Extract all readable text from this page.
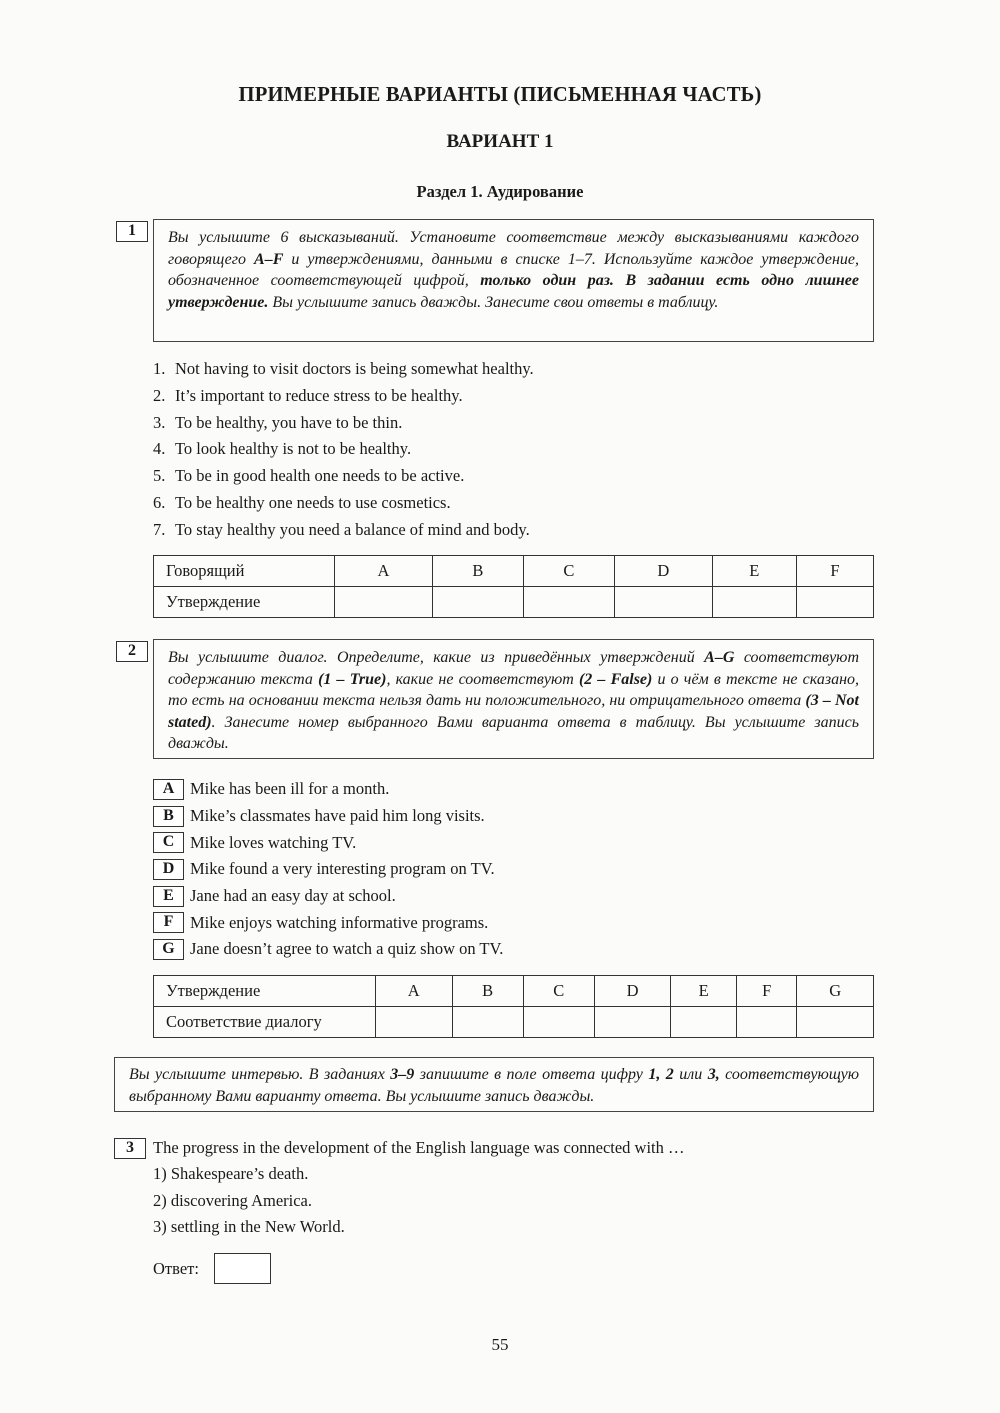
ПРИМЕРНЫЕ ВАРИАНТЫ (ПИСЬМЕННАЯ ЧАСТЬ)
ВАРИАНТ 1
Раздел 1. Аудирование
1	Вы услышите 6 высказываний. Установите соответствие между высказываниями каждого говорящего A–F и утверждениями, данными в списке 1–7. Используйте каждое утверждение, обозначенное соответствующей цифрой, только один раз. В задании есть одно лишнее утверждение. Вы услышите запись дважды. Занесите свои ответы в таблицу.
1. Not having to visit doctors is being somewhat healthy.
2. It’s important to reduce stress to be healthy.
3. To be healthy, you have to be thin.
4. To look healthy is not to be healthy.
5. To be in good health one needs to be active.
6. To be healthy one needs to use cosmetics.
7. To stay healthy you need a balance of mind and body.
Говорящий	A	B	C	D	E	F
Утверждение						
2	Вы услышите диалог. Определите, какие из приведённых утверждений A–G соответствуют содержанию текста (1 – True), какие не соответствуют (2 – False) и о чём в тексте не сказано, то есть на основании текста нельзя дать ни положительного, ни отрицательного ответа (3 – Not stated). Занесите номер выбранного Вами варианта ответа в таблицу. Вы услышите запись дважды.
A Mike has been ill for a month.
B Mike’s classmates have paid him long visits.
C Mike loves watching TV.
D Mike found a very interesting program on TV.
E Jane had an easy day at school.
F	Mike enjoys watching informative programs.
G Jane doesn’t agree to watch a quiz show on TV.
Утверждение	A	B	C	D	E	F	G
Соответствие диалогу							
Вы услышите интервью. В заданиях 3–9 запишите в поле ответа цифру 1, 2 или 3, соответствующую выбранному Вами варианту ответа. Вы услышите запись дважды.
3	The progress in the development of the English language was connected with …
1) Shakespeare’s death.
2) discovering America.
3) settling in the New World.
Ответ:
55
